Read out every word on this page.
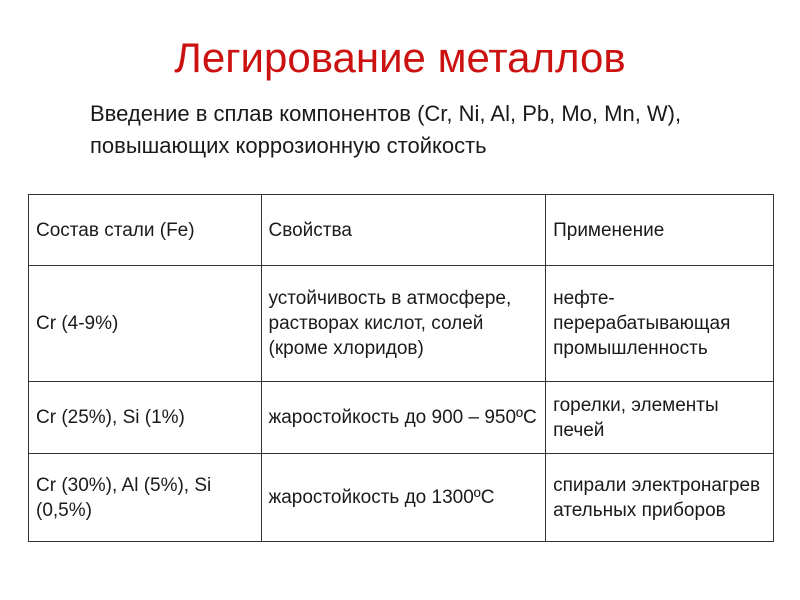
Легирование металлов
Введение в сплав компонентов (Cr, Ni, Al, Pb, Mo, Mn, W), повышающих коррозионную стойкость
Состав стали (Fe)	Свойства	Применение
Cr (4-9%)	устойчивость в атмосфере, растворах кислот, солей (кроме хлоридов)	нефте-перерабатывающая промышленность
Cr (25%), Si (1%)	жаростойкость до 900 – 950ºС	горелки, элементы печей
Cr (30%), Al (5%), Si (0,5%)	жаростойкость до 1300ºС	спирали электронагревательных приборов
